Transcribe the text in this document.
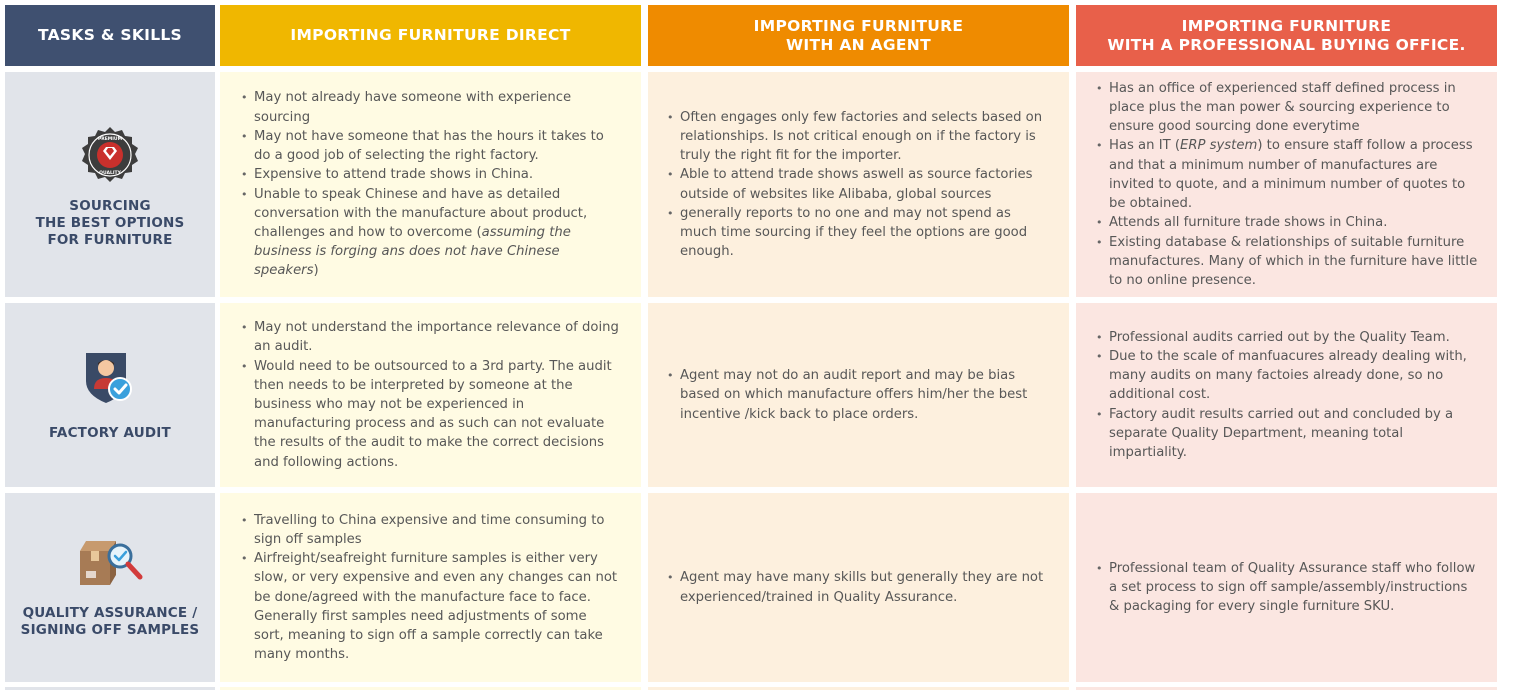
TASKS & SKILLS	IMPORTING FURNITURE DIRECT
IMPORTING FURNITURE
WITH AN AGENT
IMPORTING FURNITURE
WITH A PROFESSIONAL BUYING OFFICE.
PREMIUM
QUALITY
SOURCING
THE BEST OPTIONS
FOR FURNITURE
• May not already have someone with experience sourcing
• May not have someone that has the hours it takes to do a good job of selecting the right factory.
• Expensive to attend trade shows in China.
• Unable to speak Chinese and have as detailed conversation with the manufacture about product, challenges and how to overcome (assuming the business is forging ans does not have Chinese speakers)
• Often engages only few factories and selects based on relationships. Is not critical enough on if the factory is truly the right fit for the importer.
• Able to attend trade shows aswell as source factories outside of websites like Alibaba, global sources
• generally reports to no one and may not spend as much time sourcing if they feel the options are good enough.
• Has an office of experienced staff defined process in place plus the man power & sourcing experience to ensure good sourcing done everytime
• Has an IT (ERP system) to ensure staff follow a process and that a minimum number of manufactures are invited to quote, and a minimum number of quotes to be obtained.
• Attends all furniture trade shows in China.
• Existing database & relationships of suitable furniture manufactures. Many of which in the furniture have little to no online presence.
FACTORY AUDIT
• May not understand the importance relevance of doing an audit.
• Would need to be outsourced to a 3rd party. The audit then needs to be interpreted by someone at the business who may not be experienced in manufacturing process and as such can not evaluate the results of the audit to make the correct decisions and following actions.
• Agent may not do an audit report and may be bias based on which manufacture offers him/her the best incentive /kick back to place orders.
• Professional audits carried out by the Quality Team.
• Due to the scale of manfuacures already dealing with, many audits on many factoies already done, so no additional cost.
• Factory audit results carried out and concluded by a separate Quality Department, meaning total impartiality.
QUALITY ASSURANCE /
SIGNING OFF SAMPLES
• Travelling to China expensive and time consuming to sign off samples
• Airfreight/seafreight furniture samples is either very slow, or very expensive and even any changes can not be done/agreed with the manufacture face to face. Generally first samples need adjustments of some sort, meaning to sign off a sample correctly can take many months.
• Agent may have many skills but generally they are not experienced/trained in Quality Assurance.
• Professional team of Quality Assurance staff who follow a set process to sign off sample/assembly/instructions & packaging for every single furniture SKU.
